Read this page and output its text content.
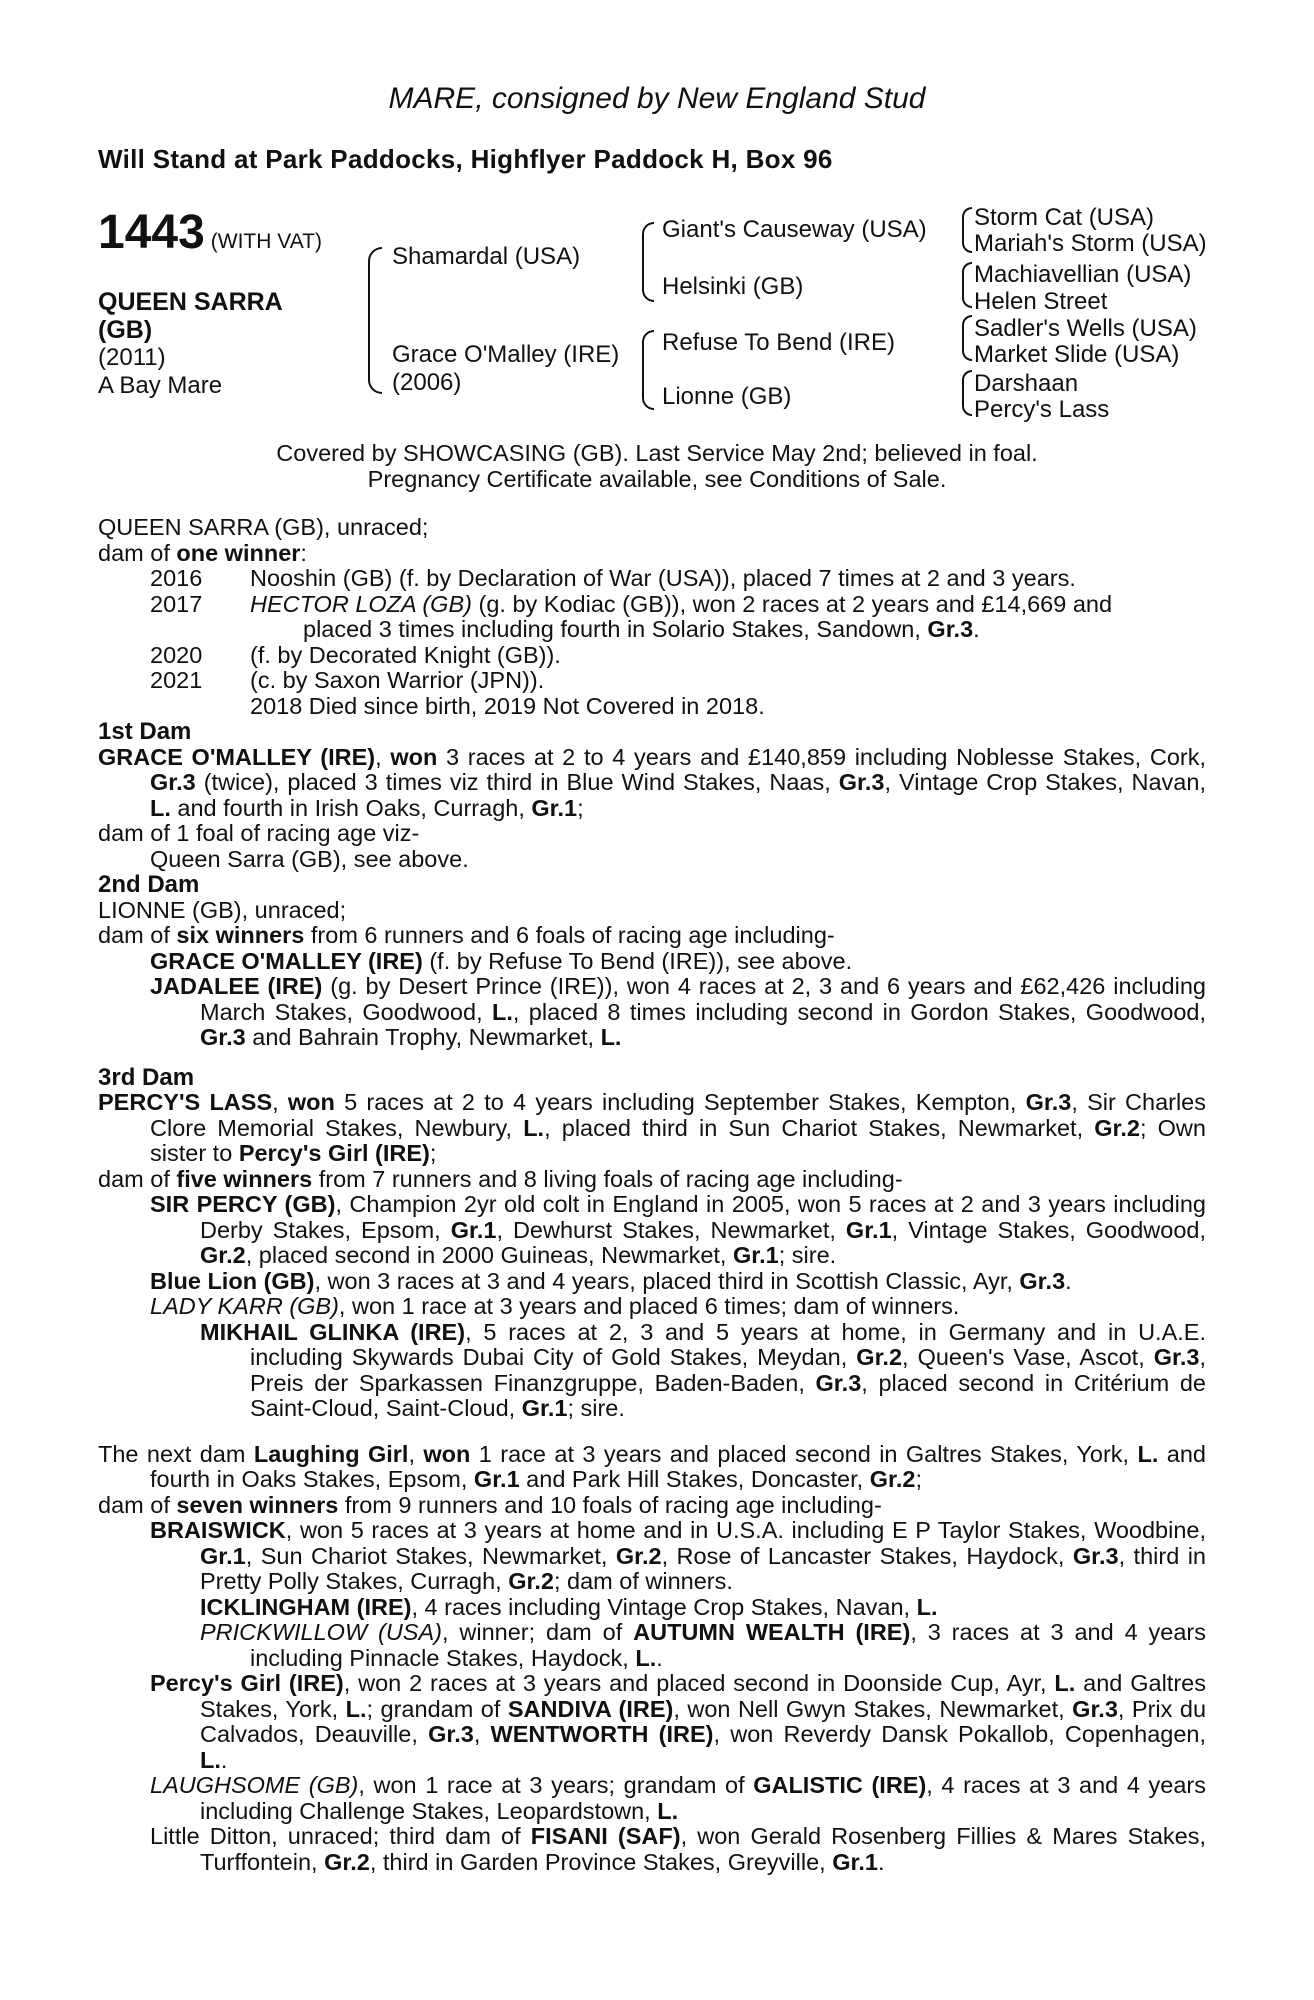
MARE, consigned by New England Stud
Will Stand at Park Paddocks, Highflyer Paddock H, Box 96
1443 (WITH VAT)
QUEEN SARRA
(GB)
(2011)
A Bay Mare
Shamardal (USA)
Grace O'Malley (IRE)
(2006)
Giant's Causeway (USA)
Helsinki (GB)
Refuse To Bend (IRE)
Lionne (GB)
Storm Cat (USA)
Mariah's Storm (USA)
Machiavellian (USA)
Helen Street
Sadler's Wells (USA)
Market Slide (USA)
Darshaan
Percy's Lass
Covered by SHOWCASING (GB). Last Service May 2nd; believed in foal.
Pregnancy Certificate available, see Conditions of Sale.

QUEEN SARRA (GB), unraced;

dam of one winner:

2016 Nooshin (GB) (f. by Declaration of War (USA)), placed 7 times at 2 and 3 years.

2017 HECTOR LOZA (GB) (g. by Kodiac (GB)), won 2 races at 2 years and £14,669 and

placed 3 times including fourth in Solario Stakes, Sandown, Gr.3.

2020 (f. by Decorated Knight (GB)).

2021 (c. by Saxon Warrior (JPN)).

2018 Died since birth, 2019 Not Covered in 2018.

1st Dam

GRACE O'MALLEY (IRE), won 3 races at 2 to 4 years and £140,859 including Noblesse Stakes, Cork, Gr.3 (twice), placed 3 times viz third in Blue Wind Stakes, Naas, Gr.3, Vintage Crop Stakes, Navan, L. and fourth in Irish Oaks, Curragh, Gr.1;

dam of 1 foal of racing age viz-

Queen Sarra (GB), see above.

2nd Dam

LIONNE (GB), unraced;

dam of six winners from 6 runners and 6 foals of racing age including-

GRACE O'MALLEY (IRE) (f. by Refuse To Bend (IRE)), see above.

JADALEE (IRE) (g. by Desert Prince (IRE)), won 4 races at 2, 3 and 6 years and £62,426 including March Stakes, Goodwood, L., placed 8 times including second in Gordon Stakes, Goodwood, Gr.3 and Bahrain Trophy, Newmarket, L.

3rd Dam

PERCY'S LASS, won 5 races at 2 to 4 years including September Stakes, Kempton, Gr.3, Sir Charles Clore Memorial Stakes, Newbury, L., placed third in Sun Chariot Stakes, Newmarket, Gr.2; Own sister to Percy's Girl (IRE);

dam of five winners from 7 runners and 8 living foals of racing age including-

SIR PERCY (GB), Champion 2yr old colt in England in 2005, won 5 races at 2 and 3 years including Derby Stakes, Epsom, Gr.1, Dewhurst Stakes, Newmarket, Gr.1, Vintage Stakes, Goodwood, Gr.2, placed second in 2000 Guineas, Newmarket, Gr.1; sire.

Blue Lion (GB), won 3 races at 3 and 4 years, placed third in Scottish Classic, Ayr, Gr.3.

LADY KARR (GB), won 1 race at 3 years and placed 6 times; dam of winners.

MIKHAIL GLINKA (IRE), 5 races at 2, 3 and 5 years at home, in Germany and in U.A.E. including Skywards Dubai City of Gold Stakes, Meydan, Gr.2, Queen's Vase, Ascot, Gr.3, Preis der Sparkassen Finanzgruppe, Baden-Baden, Gr.3, placed second in Critérium de Saint-Cloud, Saint-Cloud, Gr.1; sire.

The next dam Laughing Girl, won 1 race at 3 years and placed second in Galtres Stakes, York, L. and fourth in Oaks Stakes, Epsom, Gr.1 and Park Hill Stakes, Doncaster, Gr.2;

dam of seven winners from 9 runners and 10 foals of racing age including-

BRAISWICK, won 5 races at 3 years at home and in U.S.A. including E P Taylor Stakes, Woodbine, Gr.1, Sun Chariot Stakes, Newmarket, Gr.2, Rose of Lancaster Stakes, Haydock, Gr.3, third in Pretty Polly Stakes, Curragh, Gr.2; dam of winners.

ICKLINGHAM (IRE), 4 races including Vintage Crop Stakes, Navan, L.

PRICKWILLOW (USA), winner; dam of AUTUMN WEALTH (IRE), 3 races at 3 and 4 years including Pinnacle Stakes, Haydock, L..

Percy's Girl (IRE), won 2 races at 3 years and placed second in Doonside Cup, Ayr, L. and Galtres Stakes, York, L.; grandam of SANDIVA (IRE), won Nell Gwyn Stakes, Newmarket, Gr.3, Prix du Calvados, Deauville, Gr.3, WENTWORTH (IRE), won Reverdy Dansk Pokallob, Copenhagen, L..

LAUGHSOME (GB), won 1 race at 3 years; grandam of GALISTIC (IRE), 4 races at 3 and 4 years including Challenge Stakes, Leopardstown, L.

Little Ditton, unraced; third dam of FISANI (SAF), won Gerald Rosenberg Fillies & Mares Stakes, Turffontein, Gr.2, third in Garden Province Stakes, Greyville, Gr.1.
